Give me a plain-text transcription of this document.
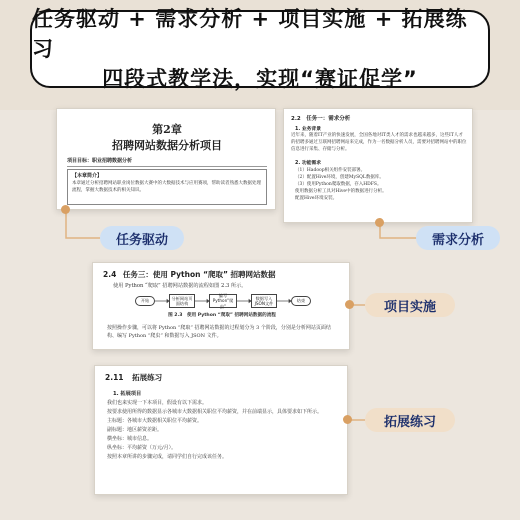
任务驱动 + 需求分析 + 项目实施 + 拓展练习
四段式教学法，实现“赛证促学”
第2章
招聘网站数据分析项目
项目目标：职业招聘数据分析
【本章简介】
本章通过分析招聘网站职业岗位数据大赛中的大数据技术与应用赛项，帮助读者熟悉大数据处理流程，掌握大数据技术的相关知识。
2.2　任务一：需求分析
1. 业务背景
近年来，随着IT产业的快速发展，全国各地对IT类人才的需求也越来越多，这些IT人才的招聘多通过互联网招聘网站来完成，作为一名数据分析人员，需要对招聘网站中的职位信息进行采集、存储与分析。
2. 功能需求
（1）Hadoop相关组件安装部署。
（2）配置Hive环境，创建MySQL数据库。
（3）使用Python爬取数据，存入HDFS。
使用数据分析工具对Hive中的数据进行分析。
配置Hive环境安装。
2.4 任务三：使用 Python “爬取” 招聘网站数据
使用 Python “爬取” 招聘网站数据的流程如图 2.3 所示。
开始
分析网站页面结构
编写Python“爬虫”
数据写入JSON文件
结束
图 2.3　使用 Python “爬取” 招聘网站数据的流程
按照操作步骤，可以将 Python “爬取” 招聘网站数据的过程划分为 3 个阶段，分别是分析网站页面结构、编写 Python “爬虫” 和数据写入 JSON 文件。
2.11 拓展练习
1. 拓展项目
我们也来实现一下本项目，假设有以下需求。
按要求使用所得的数据显示各城市大数据相关职位平均薪资，并在前端显示，具体要求如下所示。
主标题：各城市大数据相关职位平均薪资。
副标题：地区薪资差距。
横坐标：城市信息。
纵坐标：平均薪资（万元/月）。
按照本章所讲的步骤完成，请同学们自行完成该任务。
任务驱动	需求分析
项目实施
拓展练习
